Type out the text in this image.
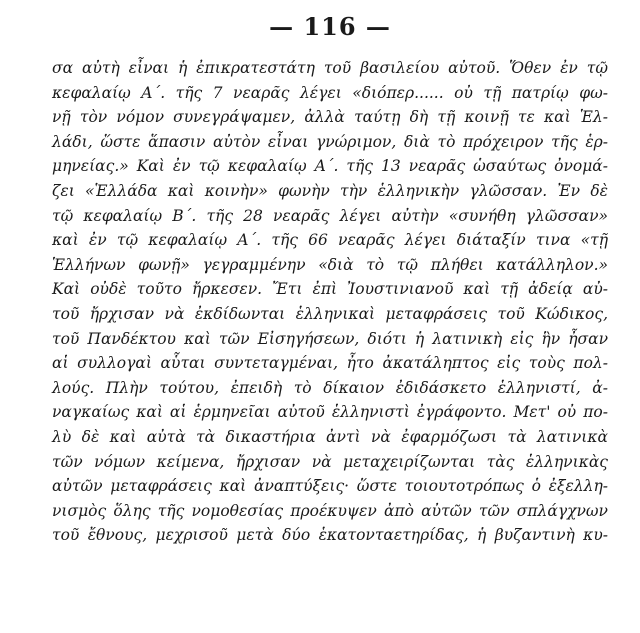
— 116 —
σα αὐτὴ εἶναι ἡ ἐπικρατεστάτη τοῦ βασιλείου αὐτοῦ. Ὅθεν ἐν τῷ
κεφαλαίῳ Α΄. τῆς 7 νεαρᾶς λέγει «διόπερ...... οὐ τῇ πατρίῳ φω-
νῇ τὸν νόμον συνεγράψαμεν, ἀλλὰ ταύτῃ δὴ τῇ κοινῇ τε καὶ Ἑλ-
λάδι, ὥστε ἅπασιν αὐτὸν εἶναι γνώριμον, διὰ τὸ πρόχειρον τῆς ἑρ-
μηνείας.» Καὶ ἐν τῷ κεφαλαίῳ Α΄. τῆς 13 νεαρᾶς ὡσαύτως ὀνομά-
ζει «Ἑλλάδα καὶ κοινὴν» φωνὴν τὴν ἑλληνικὴν γλῶσσαν. Ἐν δὲ
τῷ κεφαλαίῳ Β΄. τῆς 28 νεαρᾶς λέγει αὐτὴν «συνήθη γλῶσσαν»
καὶ ἐν τῷ κεφαλαίῳ Α΄. τῆς 66 νεαρᾶς λέγει διάταξίν τινα «τῇ
Ἑλλήνων φωνῇ» γεγραμμένην «διὰ τὸ τῷ πλήθει κατάλληλον.»
Καὶ οὐδὲ τοῦτο ἤρκεσεν. Ἔτι ἐπὶ Ἰουστινιανοῦ καὶ τῇ ἀδείᾳ αὐ-
τοῦ ἤρχισαν νὰ ἐκδίδωνται ἑλληνικαὶ μεταφράσεις τοῦ Κώδικος,
τοῦ Πανδέκτου καὶ τῶν Εἰσηγήσεων, διότι ἡ λατινικὴ εἰς ἣν ἦσαν
αἱ συλλογαὶ αὗται συντεταγμέναι, ἦτο ἀκατάληπτος εἰς τοὺς πολ-
λούς. Πλὴν τούτου, ἐπειδὴ τὸ δίκαιον ἐδιδάσκετο ἑλληνιστί, ἀ-
ναγκαίως καὶ αἱ ἑρμηνεῖαι αὐτοῦ ἑλληνιστὶ ἐγράφοντο. Μετ' οὐ πο-
λὺ δὲ καὶ αὐτὰ τὰ δικαστήρια ἀντὶ νὰ ἐφαρμόζωσι τὰ λατινικὰ
τῶν νόμων κείμενα, ἤρχισαν νὰ μεταχειρίζωνται τὰς ἑλληνικὰς
αὐτῶν μεταφράσεις καὶ ἀναπτύξεις· ὥστε τοιουτοτρόπως ὁ ἐξελλη-
νισμὸς ὅλης τῆς νομοθεσίας προέκυψεν ἀπὸ αὐτῶν τῶν σπλάγχνων
τοῦ ἔθνους, μεχρισοῦ μετὰ δύο ἑκατονταετηρίδας, ἡ βυζαντινὴ κυ-
